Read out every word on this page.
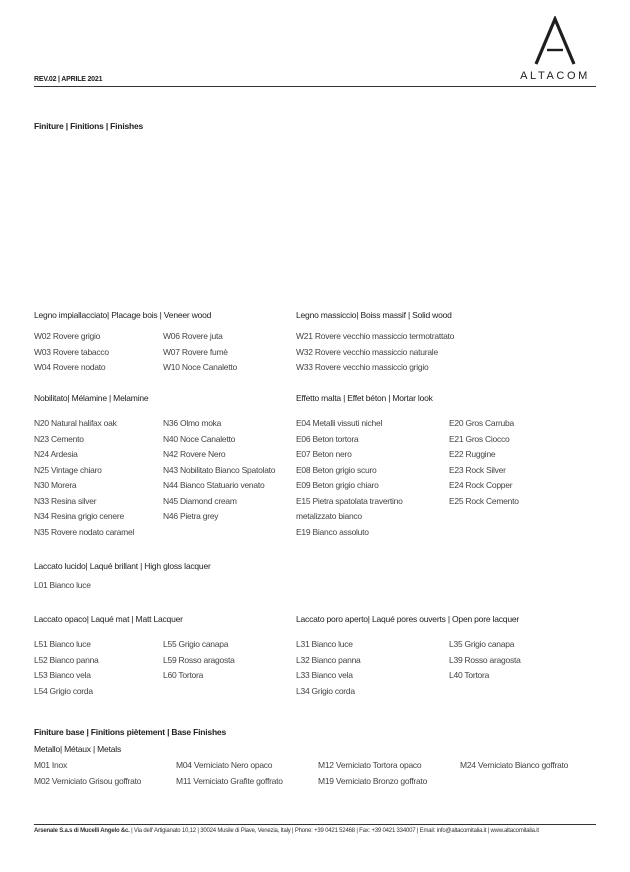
ALTACOM
REV.02 | APRILE 2021
Finiture | Finitions | Finishes
Legno impiallacciato| Placage bois | Veneer wood
W02 Rovere grigio
W03 Rovere tabacco
W04 Rovere nodato
W06 Rovere juta
W07 Rovere fumè
W10 Noce Canaletto
Legno massiccio| Boiss massif | Solid wood
W21 Rovere vecchio massiccio termotrattato
W32 Rovere vecchio massiccio naturale
W33 Rovere vecchio massiccio grigio
Nobilitato| Mélamine | Melamine
N20 Natural halifax oak
N23 Cemento
N24 Ardesia
N25 Vintage chiaro
N30 Morera
N33 Resina silver
N34 Resina grigio cenere
N35 Rovere nodato caramel
N36 Olmo moka
N40 Noce Canaletto
N42 Rovere Nero
N43 Nobilitato Bianco Spatolato
N44 Bianco Statuario venato
N45 Diamond cream
N46 Pietra grey
Effetto malta | Effet béton | Mortar look
E04 Metalli vissuti nichel
E06 Beton tortora
E07 Beton nero
E08 Beton grigio scuro
E09 Beton grigio chiaro
E15 Pietra spatolata travertino
metalizzato bianco
E19 Bianco assoluto
E20 Gros Carruba
E21 Gros Ciocco
E22 Ruggine
E23 Rock Silver
E24 Rock Copper
E25 Rock Cemento
Laccato lucido| Laqué brillant | High gloss lacquer
L01 Bianco luce
Laccato opaco| Laqué mat | Matt Lacquer
L51 Bianco luce
L52 Bianco panna
L53 Bianco vela
L54 Grigio corda
L55 Grigio canapa
L59 Rosso aragosta
L60 Tortora
Laccato poro aperto| Laqué pores ouverts | Open pore lacquer
L31 Bianco luce
L32 Bianco panna
L33 Bianco vela
L34 Grigio corda
L35 Grigio canapa
L39 Rosso aragosta
L40 Tortora
Finiture base | Finitions piètement | Base Finishes
Metallo| Métaux | Metals
M01 Inox
M02 Verniciato Grisou goffrato
M04 Verniciato Nero opaco
M11 Verniciato Grafite goffrato
M12 Verniciato Tortora opaco
M19 Verniciato Bronzo goffrato
M24 Verniciato Bianco goffrato
Arsenale S.a.s di Mucelli Angelo &c. | Via dell' Artigianato 10,12 | 30024 Musile di Piave, Venezia, Italy | Phone: +39 0421 52468 | Fax: +39 0421 334007 | Email: info@altacomitalia.it | www.altacomitalia.it
